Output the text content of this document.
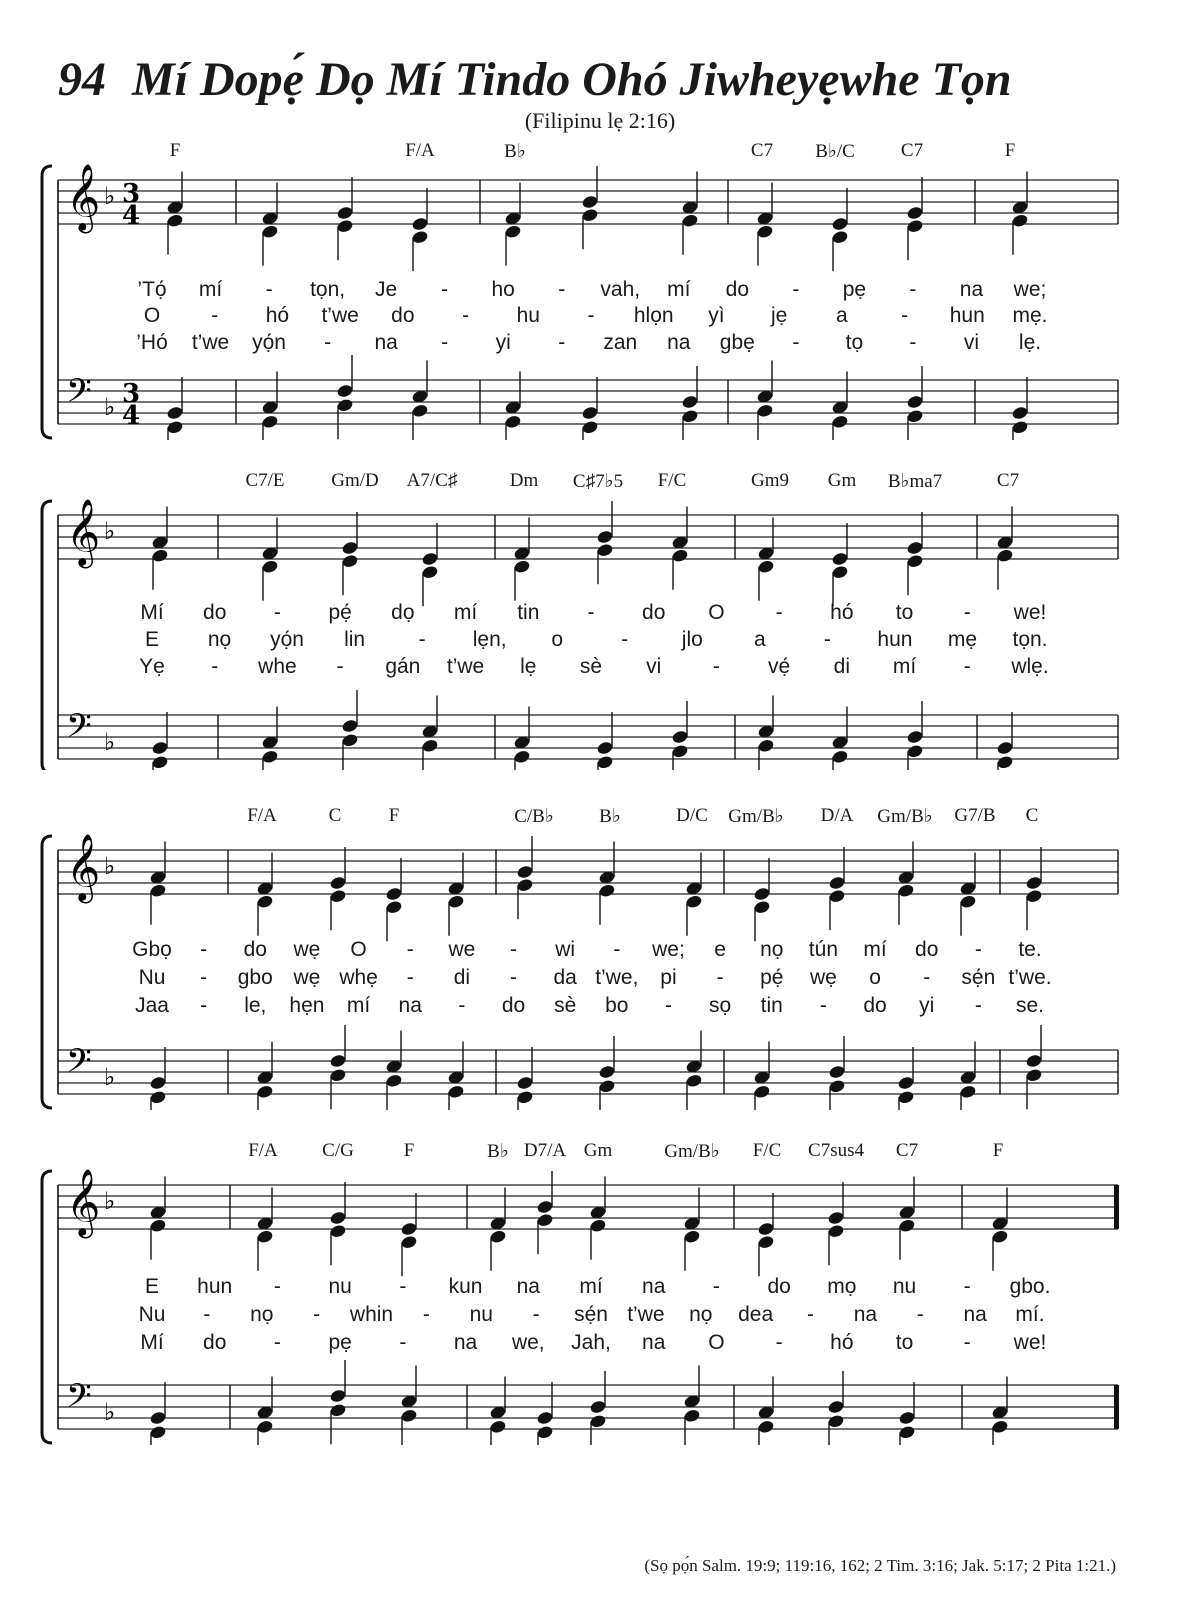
94 Mí Dopẹ́ Dọ Mí Tindo Ohó Jiwheyẹwhe Tọn
(Filipinu lẹ 2:16)
𝄞
𝄢
♭
♭
3
4
3
4
F	F/A	B♭	C7 B♭/C C7	F
’Tọ́ mí - tọn, Je - ho - vah, mí do - pẹ - na we;
O - hó t’we do - hu - hlọn yì jẹ a	- hun mẹ.
’Hó t’we yọ́n - na - yi - zan na gbẹ - tọ - vi lẹ.
𝄞
𝄢
♭
♭
C7/E Gm/D A7/C♯	Dm C♯7♭5 F/C	Gm9 Gm B♭ma7	C7
Mí do - pẹ́ dọ mí tin - do O - hó to - we!
E nọ yọ́n lin	- lẹn, o	-	jlo a	- hun mẹ tọn.
Yẹ - whe - gán t’we lẹ sè vi - vẹ́ di mí - wlẹ.
𝄞
𝄢
♭
♭
F/A	C F	C/B♭ B♭	D/C Gm/B♭ D/A Gm/B♭ G7/B C
Gbọ - do wẹ O - we - wi - we; e nọ tún mí do - te.
Nu - gbo wẹ whẹ - di - da t’we, pi - pẹ́ wẹ o - sẹ́n t’we.
Jaa - le, hẹn mí na - do sè bo - sọ tin - do yi - se.
𝄞
𝄢
♭
♭
F/A C/G	F	B♭ D7/A Gm	Gm/B♭ F/C C7sus4 C7	F
E hun - nu - kun na mí na - do mọ nu - gbo.
Nu - nọ - whin - nu - sẹ́n t’we nọ dea - na - na mí.
Mí do - pẹ - na we, Jah, na O - hó to - we!
(Sọ pọ́n Salm. 19:9; 119:16, 162; 2 Tim. 3:16; Jak. 5:17; 2 Pita 1:21.)
